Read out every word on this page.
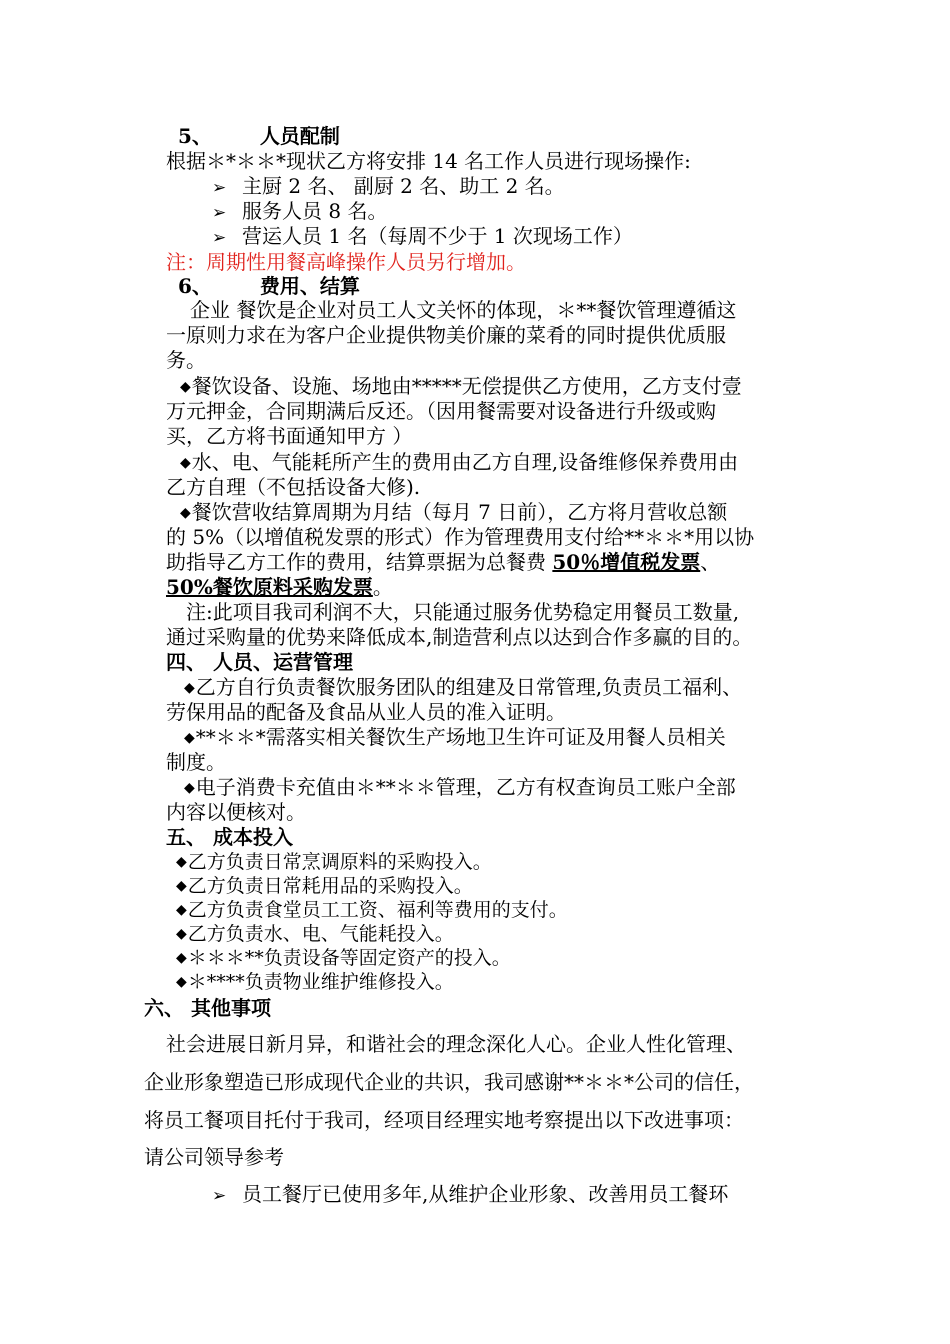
5、 人员配制
根据＊*＊＊*现状乙方将安排 14 名工作人员进行现场操作:
➢ 主厨 2 名、 副厨 2 名、助工 2 名。
➢ 服务人员 8 名。
➢ 营运人员 1 名（每周不少于 1 次现场工作）
注：周期性用餐高峰操作人员另行增加。
6、 费用、结算
企业 餐饮是企业对员工人文关怀的体现，＊**餐饮管理遵循这
一原则力求在为客户企业提供物美价廉的菜肴的同时提供优质服
务。
◆餐饮设备、设施、场地由*****无偿提供乙方使用，乙方支付壹
万元押金，合同期满后反还。（因用餐需要对设备进行升级或购
买，乙方将书面通知甲方 ）
◆水、电、气能耗所产生的费用由乙方自理,设备维修保养费用由
乙方自理（不包括设备大修).
◆餐饮营收结算周期为月结（每月 7 日前），乙方将月营收总额
的 5%（以增值税发票的形式）作为管理费用支付给**＊＊*用以协
助指导乙方工作的费用，结算票据为总餐费 50％增值税发票、
50%餐饮原料采购发票。
注:此项目我司利润不大，只能通过服务优势稳定用餐员工数量,
通过采购量的优势来降低成本,制造营利点以达到合作多赢的目的。
四、 人员、运营管理
◆乙方自行负责餐饮服务团队的组建及日常管理,负责员工福利、
劳保用品的配备及食品从业人员的准入证明。
◆**＊＊*需落实相关餐饮生产场地卫生许可证及用餐人员相关
制度。
◆电子消费卡充值由＊**＊＊管理，乙方有权查询员工账户全部
内容以便核对。
五、 成本投入
◆乙方负责日常烹调原料的采购投入。
◆乙方负责日常耗用品的采购投入。
◆乙方负责食堂员工工资、福利等费用的支付。
◆乙方负责水、电、气能耗投入。
◆＊＊＊**负责设备等固定资产的投入。
◆＊****负责物业维护维修投入。
六、 其他事项
社会进展日新月异，和谐社会的理念深化人心。企业人性化管理、
企业形象塑造已形成现代企业的共识，我司感谢**＊＊*公司的信任，
将员工餐项目托付于我司，经项目经理实地考察提出以下改进事项：
请公司领导参考
➢ 员工餐厅已使用多年,从维护企业形象、改善用员工餐环
